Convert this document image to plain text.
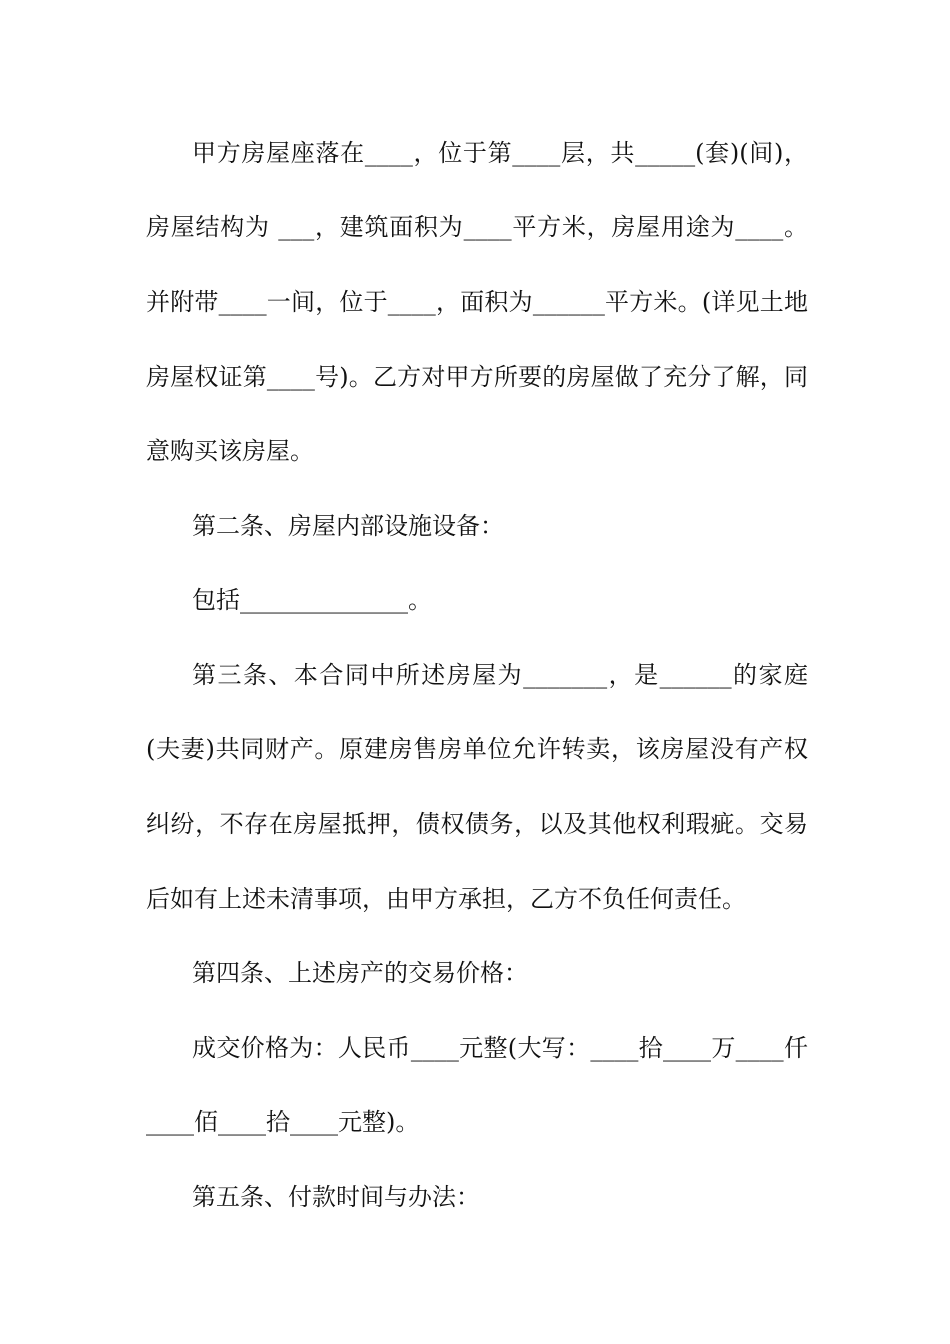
甲方房屋座落在____，位于第____层，共_____(套)(间)，
房屋结构为 ___，建筑面积为____平方米，房屋用途为____。
并附带____一间，位于____，面积为______平方米。(详见土地
房屋权证第____号)。乙方对甲方所要的房屋做了充分了解，同
意购买该房屋。
第二条、房屋内部设施设备：
包括______________。
第三条、本合同中所述房屋为_______，是______的家庭
(夫妻)共同财产。原建房售房单位允许转卖，该房屋没有产权
纠纷，不存在房屋抵押，债权债务，以及其他权利瑕疵。交易
后如有上述未清事项，由甲方承担，乙方不负任何责任。
第四条、上述房产的交易价格：
成交价格为：人民币____元整(大写：____拾____万____仟
____佰____拾____元整)。
第五条、付款时间与办法：
